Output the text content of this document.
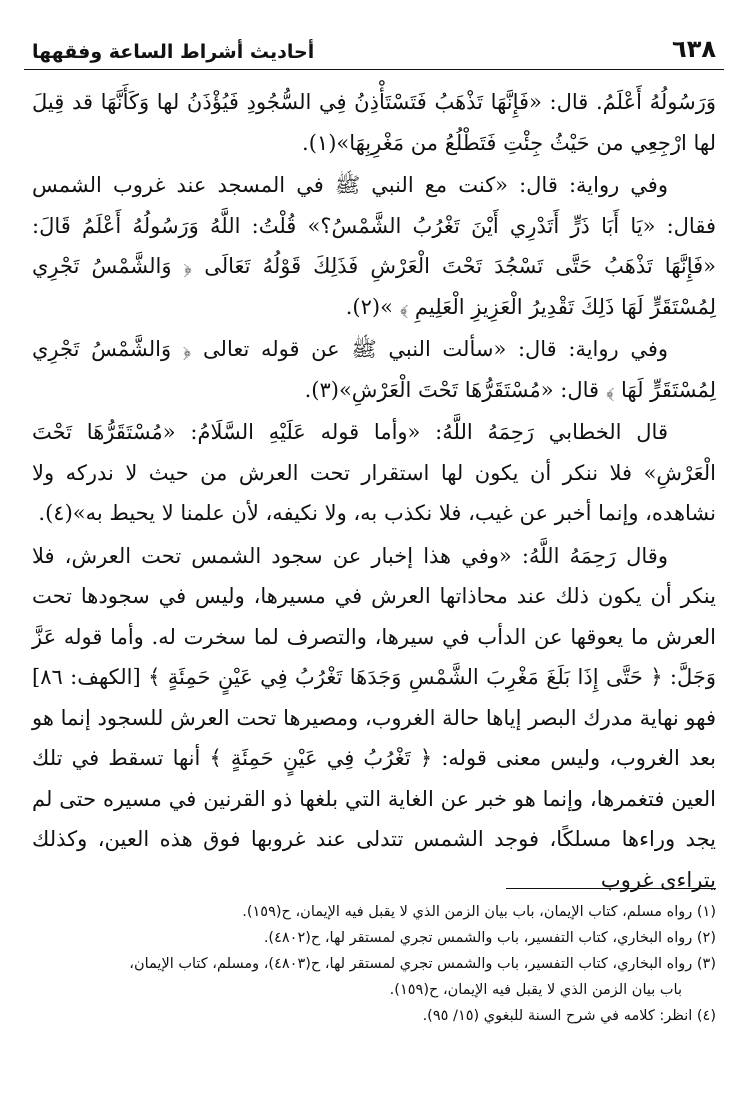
٦٣٨
أحاديث أشراط الساعة وفقهها

وَرَسُولُهُ أَعْلَمُ. قال: «فَإِنَّهَا تَذْهَبُ فَتَسْتَأْذِنُ فِي السُّجُودِ فَيُؤْذَنُ لها وَكَأَنَّهَا قد قِيلَ لها ارْجِعِي من حَيْثُ جِئْتِ فَتَطْلُعُ من مَغْرِبِهَا»(١).

وفي رواية: قال: «كنت مع النبي ﷺ في المسجد عند غروب الشمس فقال: «يَا أَبَا ذَرٍّ أَتَدْرِي أَيْنَ تَغْرُبُ الشَّمْسُ؟» قُلْتُ: اللَّهُ وَرَسُولُهُ أَعْلَمُ قَالَ: «فَإِنَّهَا تَذْهَبُ حَتَّى تَسْجُدَ تَحْتَ الْعَرْشِ فَذَلِكَ قَوْلُهُ تَعَالَى ﴿ وَالشَّمْسُ تَجْرِي لِمُسْتَقَرٍّ لَهَا ذَلِكَ تَقْدِيرُ الْعَزِيزِ الْعَلِيمِ ﴾ »(٢).

وفي رواية: قال: «سألت النبي ﷺ عن قوله تعالى ﴿ وَالشَّمْسُ تَجْرِي لِمُسْتَقَرٍّ لَهَا ﴾ قال: «مُسْتَقَرُّهَا تَحْتَ الْعَرْشِ»(٣).

قال الخطابي رَحِمَهُ اللَّهُ: «وأما قوله عَلَيْهِ السَّلَامُ: «مُسْتَقَرُّهَا تَحْتَ الْعَرْشِ» فلا ننكر أن يكون لها استقرار تحت العرش من حيث لا ندركه ولا نشاهده، وإنما أخبر عن غيب، فلا نكذب به، ولا نكيفه، لأن علمنا لا يحيط به»(٤).

وقال رَحِمَهُ اللَّهُ: «وفي هذا إخبار عن سجود الشمس تحت العرش، فلا ينكر أن يكون ذلك عند محاذاتها العرش في مسيرها، وليس في سجودها تحت العرش ما يعوقها عن الدأب في سيرها، والتصرف لما سخرت له. وأما قوله عَزَّ وَجَلَّ: ﴿ حَتَّى إِذَا بَلَغَ مَغْرِبَ الشَّمْسِ وَجَدَهَا تَغْرُبُ فِي عَيْنٍ حَمِئَةٍ ﴾ [الكهف: ٨٦] فهو نهاية مدرك البصر إياها حالة الغروب، ومصيرها تحت العرش للسجود إنما هو بعد الغروب، وليس معنى قوله: ﴿ تَغْرُبُ فِي عَيْنٍ حَمِئَةٍ ﴾ أنها تسقط في تلك العين فتغمرها، وإنما هو خبر عن الغاية التي بلغها ذو القرنين في مسيره حتى لم يجد وراءها مسلكًا، فوجد الشمس تتدلى عند غروبها فوق هذه العين، وكذلك يتراءى غروب

(١) رواه مسلم، كتاب الإيمان، باب بيان الزمن الذي لا يقبل فيه الإيمان، ح(١٥٩).

(٢) رواه البخاري، كتاب التفسير، باب والشمس تجري لمستقر لها، ح(٤٨٠٢).

(٣) رواه البخاري، كتاب التفسير، باب والشمس تجري لمستقر لها، ح(٤٨٠٣)، ومسلم، كتاب الإيمان،

باب بيان الزمن الذي لا يقبل فيه الإيمان، ح(١٥٩).

(٤) انظر: كلامه في شرح السنة للبغوي (١٥/ ٩٥).
